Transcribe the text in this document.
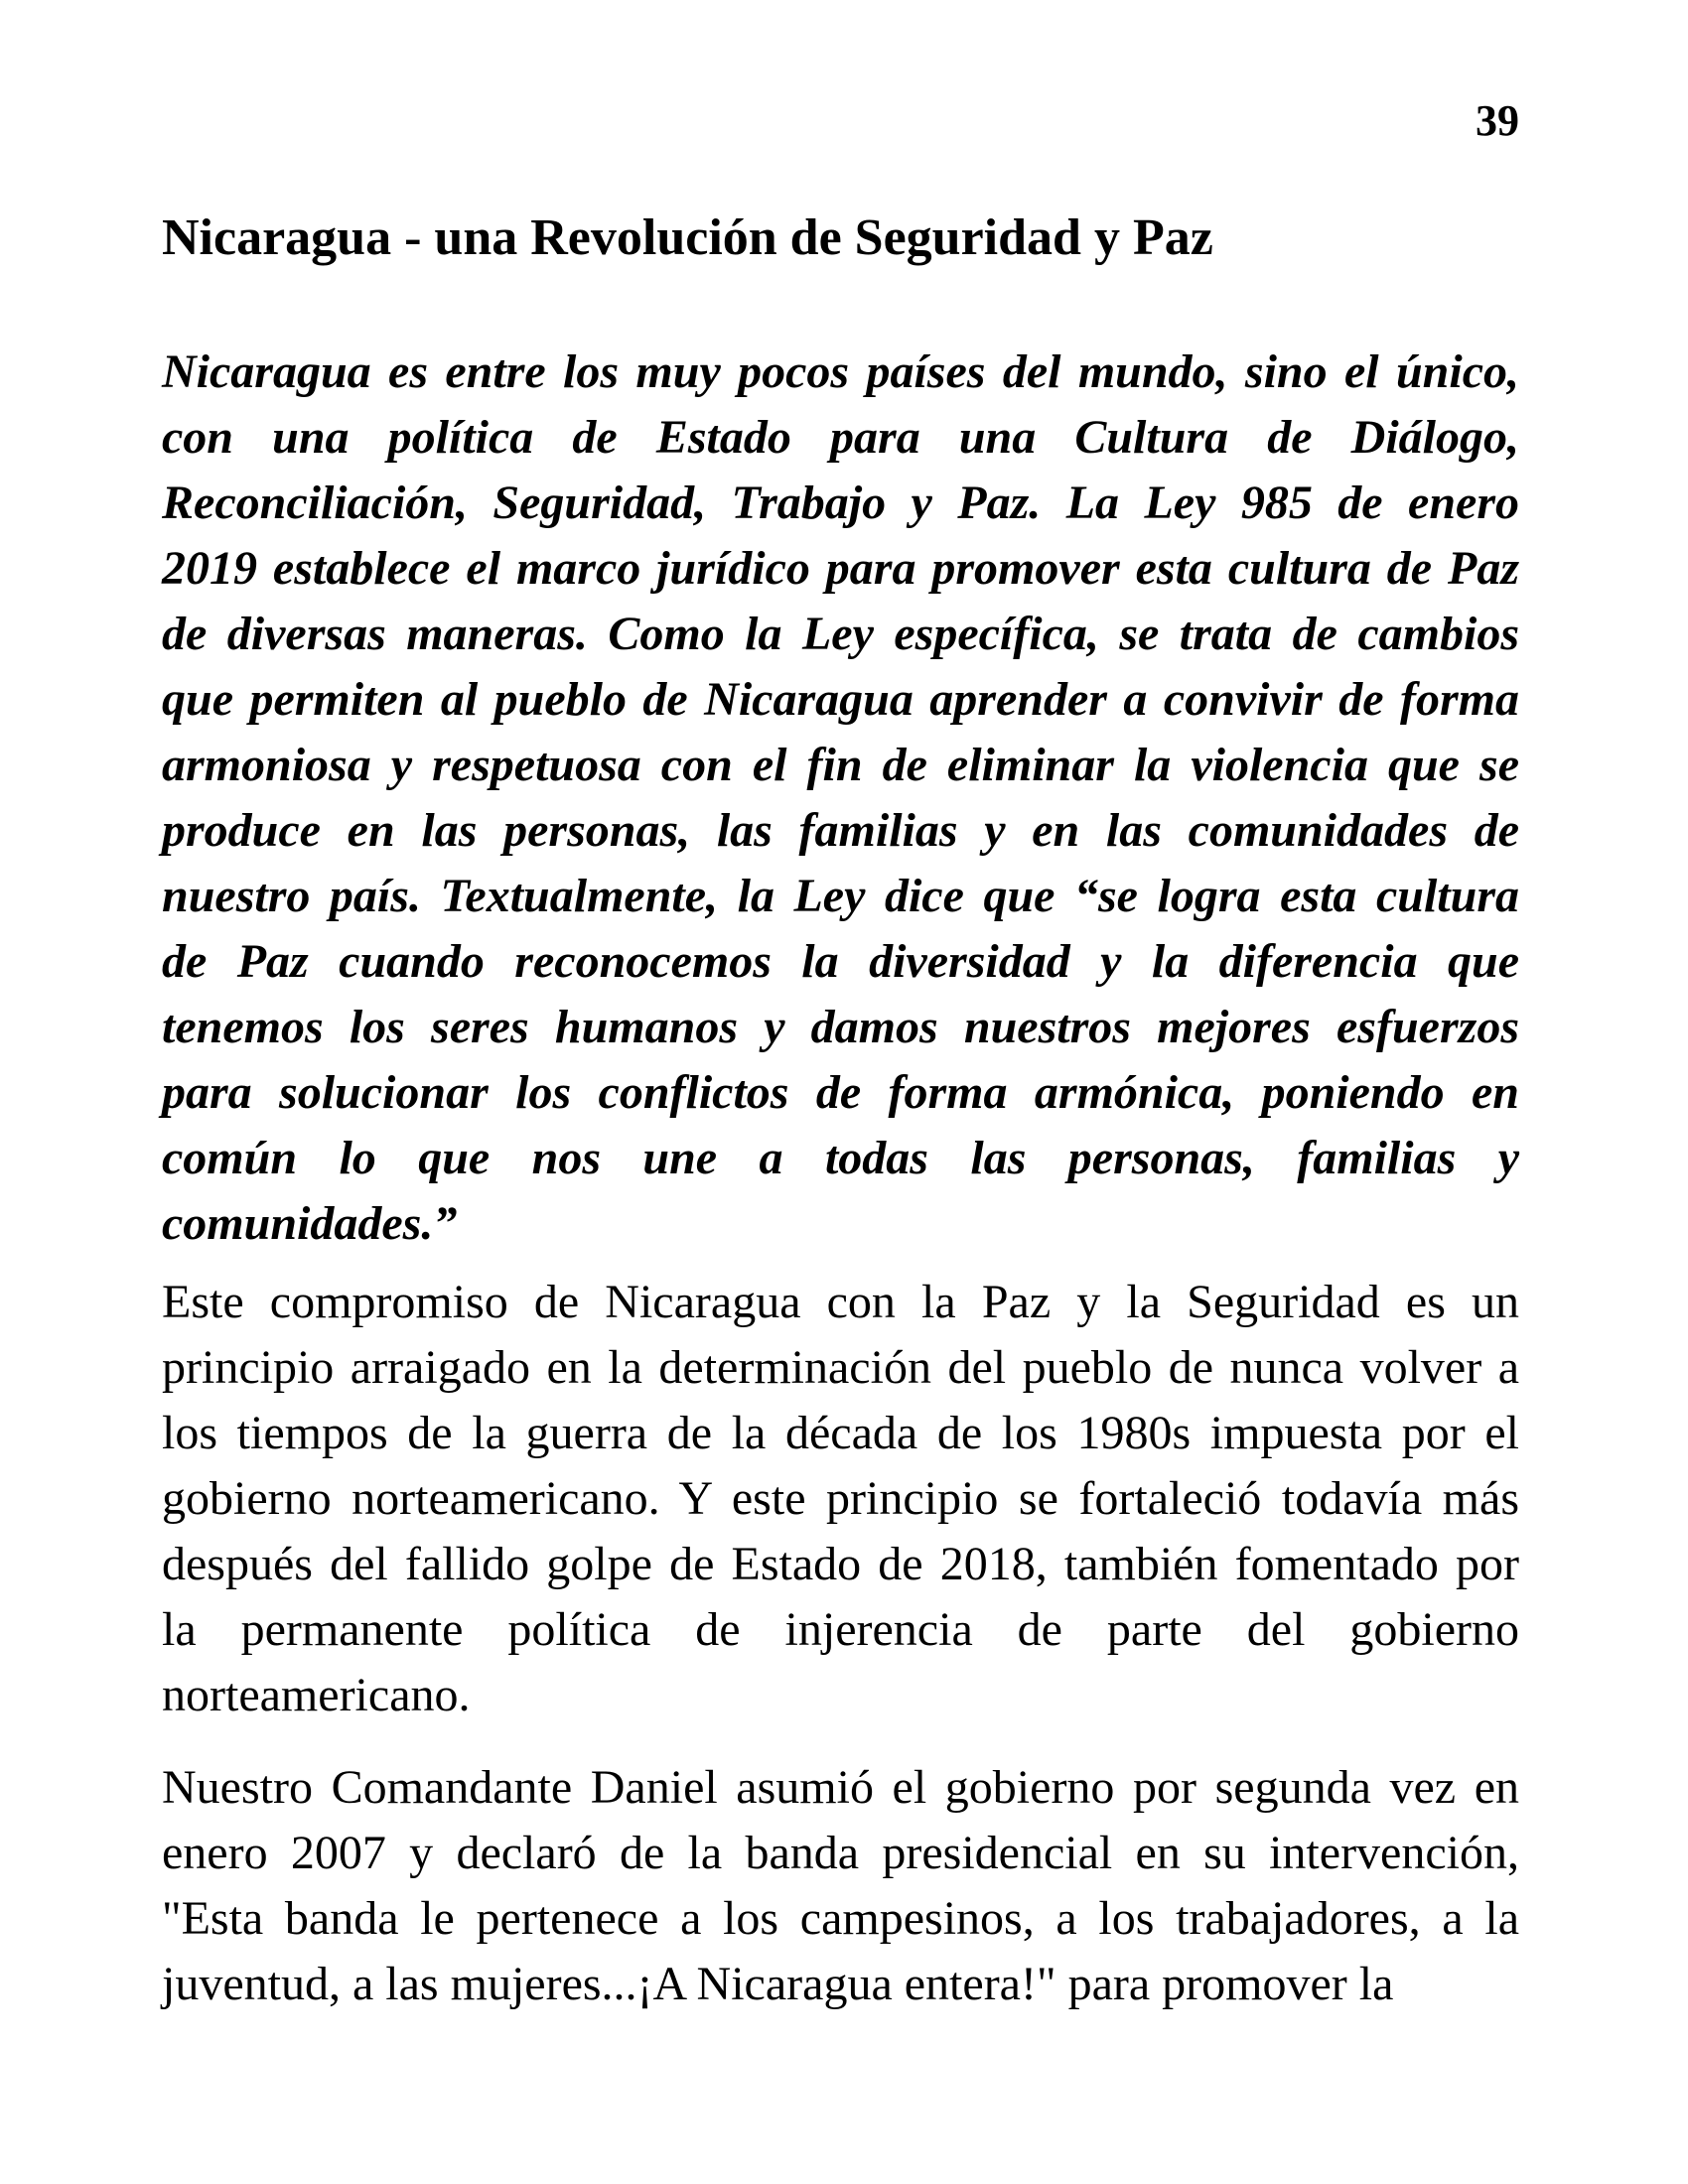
39
Nicaragua - una Revolución de Seguridad y Paz
Nicaragua es entre los muy pocos países del mundo, sino el único,
con una política de Estado para una Cultura de Diálogo,
Reconciliación, Seguridad, Trabajo y Paz. La Ley 985 de enero
2019 establece el marco jurídico para promover esta cultura de Paz
de diversas maneras. Como la Ley específica, se trata de cambios
que permiten al pueblo de Nicaragua aprender a convivir de forma
armoniosa y respetuosa con el fin de eliminar la violencia que se
produce en las personas, las familias y en las comunidades de
nuestro país. Textualmente, la Ley dice que “se logra esta cultura
de Paz cuando reconocemos la diversidad y la diferencia que
tenemos los seres humanos y damos nuestros mejores esfuerzos
para solucionar los conflictos de forma armónica, poniendo en
común lo que nos une a todas las personas, familias y
comunidades.”
Este compromiso de Nicaragua con la Paz y la Seguridad es un
principio arraigado en la determinación del pueblo de nunca volver a
los tiempos de la guerra de la década de los 1980s impuesta por el
gobierno norteamericano. Y este principio se fortaleció todavía más
después del fallido golpe de Estado de 2018, también fomentado por
la permanente política de injerencia de parte del gobierno
norteamericano.
Nuestro Comandante Daniel asumió el gobierno por segunda vez en
enero 2007 y declaró de la banda presidencial en su intervención,
"Esta banda le pertenece a los campesinos, a los trabajadores, a la
juventud, a las mujeres...¡A Nicaragua entera!" para promover la
